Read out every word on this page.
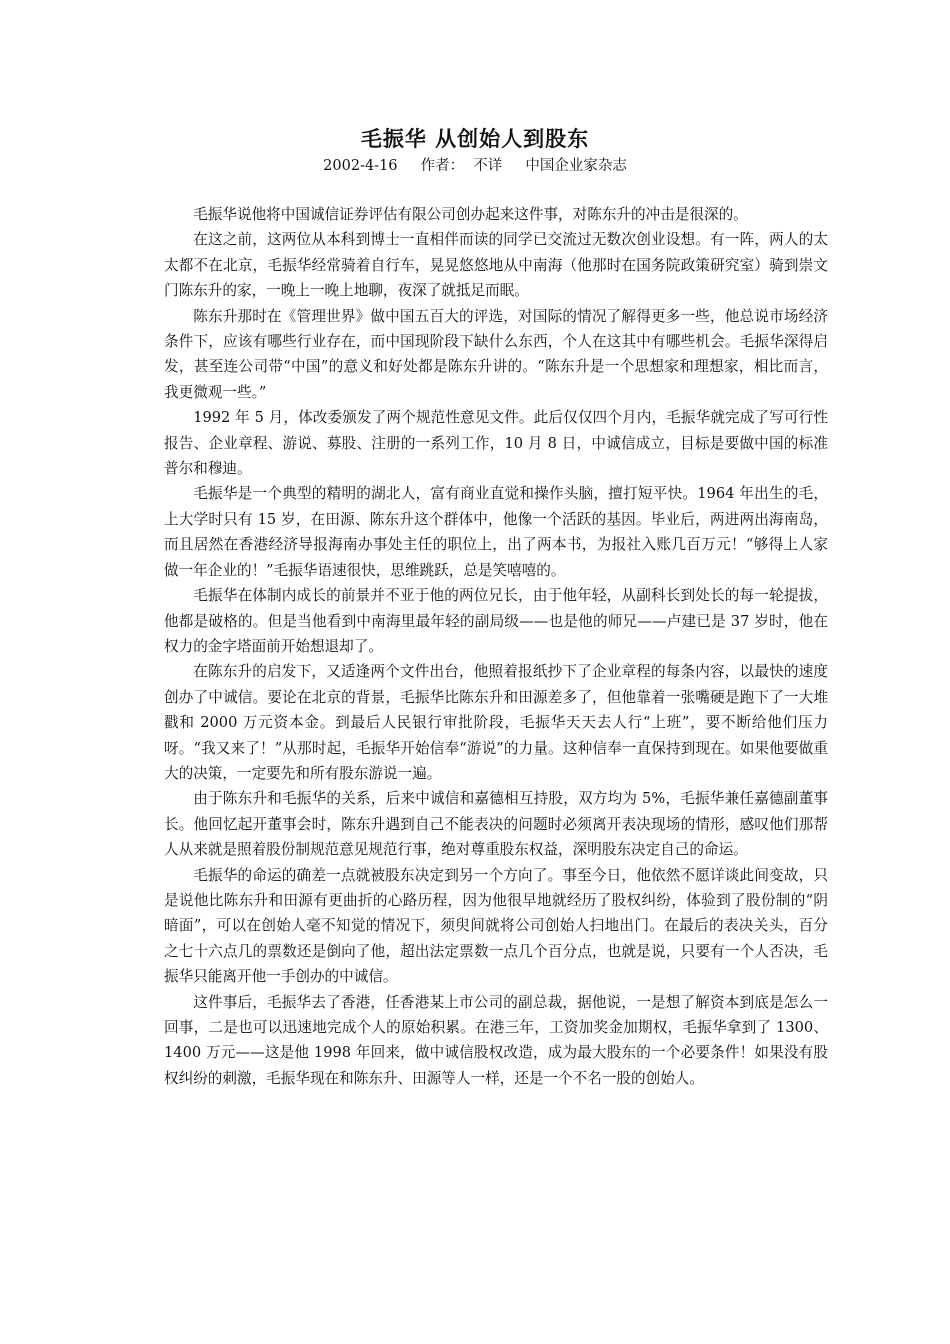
毛振华 从创始人到股东
2002-4-16 作者： 不详 中国企业家杂志

毛振华说他将中国诚信证券评估有限公司创办起来这件事，对陈东升的冲击是很深的。

在这之前，这两位从本科到博士一直相伴而读的同学已交流过无数次创业设想。有一阵，两人的太太都不在北京，毛振华经常骑着自行车，晃晃悠悠地从中南海（他那时在国务院政策研究室）骑到崇文门陈东升的家，一晚上一晚上地聊，夜深了就抵足而眠。

陈东升那时在《管理世界》做中国五百大的评选，对国际的情况了解得更多一些，他总说市场经济条件下，应该有哪些行业存在，而中国现阶段下缺什么东西，个人在这其中有哪些机会。毛振华深得启发，甚至连公司带“中国”的意义和好处都是陈东升讲的。“陈东升是一个思想家和理想家，相比而言，我更微观一些。”

1992 年 5 月，体改委颁发了两个规范性意见文件。此后仅仅四个月内，毛振华就完成了写可行性报告、企业章程、游说、募股、注册的一系列工作，10 月 8 日，中诚信成立，目标是要做中国的标准普尔和穆迪。

毛振华是一个典型的精明的湖北人，富有商业直觉和操作头脑，擅打短平快。1964 年出生的毛，上大学时只有 15 岁，在田源、陈东升这个群体中，他像一个活跃的基因。毕业后，两进两出海南岛，而且居然在香港经济导报海南办事处主任的职位上，出了两本书，为报社入账几百万元！“够得上人家做一年企业的！”毛振华语速很快，思维跳跃，总是笑嘻嘻的。

毛振华在体制内成长的前景并不亚于他的两位兄长，由于他年轻，从副科长到处长的每一轮提拔，他都是破格的。但是当他看到中南海里最年轻的副局级——也是他的师兄——卢建已是 37 岁时，他在权力的金字塔面前开始想退却了。

在陈东升的启发下，又适逢两个文件出台，他照着报纸抄下了企业章程的每条内容，以最快的速度创办了中诚信。要论在北京的背景，毛振华比陈东升和田源差多了，但他靠着一张嘴硬是跑下了一大堆戳和 2000 万元资本金。到最后人民银行审批阶段，毛振华天天去人行“上班”，要不断给他们压力呀。“我又来了！”从那时起，毛振华开始信奉“游说”的力量。这种信奉一直保持到现在。如果他要做重大的决策，一定要先和所有股东游说一遍。

由于陈东升和毛振华的关系，后来中诚信和嘉德相互持股，双方均为 5%，毛振华兼任嘉德副董事长。他回忆起开董事会时，陈东升遇到自己不能表决的问题时必须离开表决现场的情形，感叹他们那帮人从来就是照着股份制规范意见规范行事，绝对尊重股东权益，深明股东决定自己的命运。

毛振华的命运的确差一点就被股东决定到另一个方向了。事至今日，他依然不愿详谈此间变故，只是说他比陈东升和田源有更曲折的心路历程，因为他很早地就经历了股权纠纷，体验到了股份制的“阴暗面”，可以在创始人毫不知觉的情况下，须臾间就将公司创始人扫地出门。在最后的表决关头，百分之七十六点几的票数还是倒向了他，超出法定票数一点几个百分点，也就是说，只要有一个人否决，毛振华只能离开他一手创办的中诚信。

这件事后，毛振华去了香港，任香港某上市公司的副总裁，据他说，一是想了解资本到底是怎么一回事，二是也可以迅速地完成个人的原始积累。在港三年，工资加奖金加期权，毛振华拿到了 1300、1400 万元——这是他 1998 年回来，做中诚信股权改造，成为最大股东的一个必要条件！如果没有股权纠纷的刺激，毛振华现在和陈东升、田源等人一样，还是一个不名一股的创始人。
